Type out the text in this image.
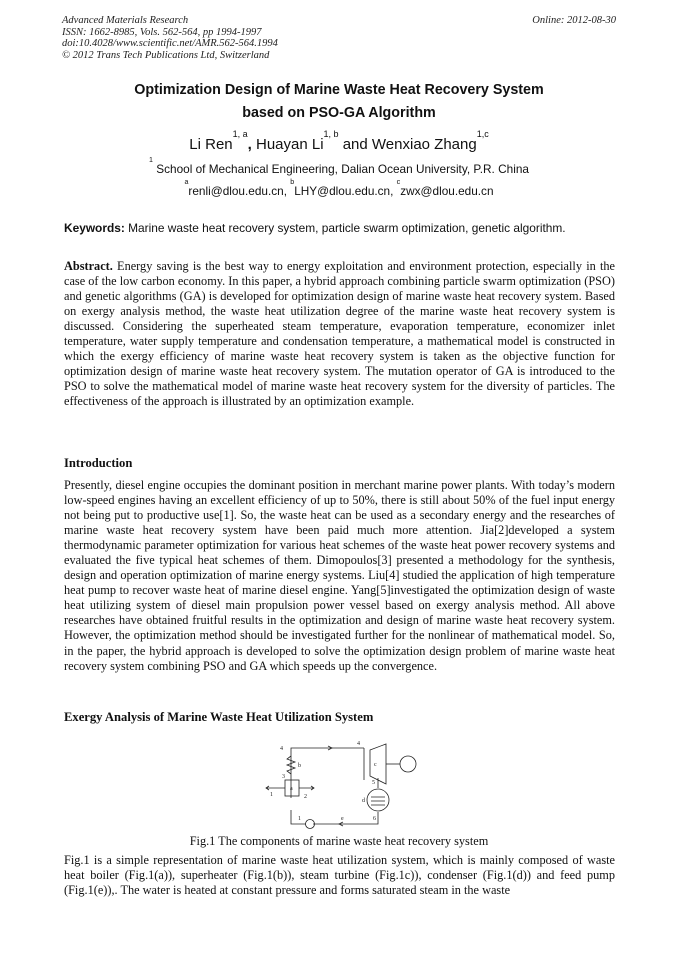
Advanced Materials Research
ISSN: 1662-8985, Vols. 562-564, pp 1994-1997
doi:10.4028/www.scientific.net/AMR.562-564.1994
© 2012 Trans Tech Publications Ltd, Switzerland
Online: 2012-08-30
Optimization Design of Marine Waste Heat Recovery System
based on PSO-GA Algorithm
Li Ren$^{1, a}$, Huayan Li$^{1, b}$ and Wenxiao Zhang$^{1,c}$
$^1$ School of Mechanical Engineering, Dalian Ocean University, P.R. China
$^a$renli@dlou.edu.cn, $^b$LHY@dlou.edu.cn, $^c$zwx@dlou.edu.cn
Keywords: Marine waste heat recovery system, particle swarm optimization, genetic algorithm.
Abstract. Energy saving is the best way to energy exploitation and environment protection, especially in the case of the low carbon economy. In this paper, a hybrid approach combining particle swarm optimization (PSO) and genetic algorithms (GA) is developed for optimization design of marine waste heat recovery system. Based on exergy analysis method, the waste heat utilization degree of the marine waste heat recovery system is discussed. Considering the superheated steam temperature, evaporation temperature, economizer inlet temperature, water supply temperature and condensation temperature, a mathematical model is constructed in which the exergy efficiency of marine waste heat recovery system is taken as the objective function for optimization design of marine waste heat recovery system. The mutation operator of GA is introduced to the PSO to solve the mathematical model of marine waste heat recovery system for the diversity of particles. The effectiveness of the approach is illustrated by an optimization example.
Introduction
Presently, diesel engine occupies the dominant position in merchant marine power plants. With today’s modern low-speed engines having an excellent efficiency of up to 50%, there is still about 50% of the fuel input energy not being put to productive use[1]. So, the waste heat can be used as a secondary energy and the researches of marine waste heat recovery system have been paid much more attention. Jia[2]developed a system thermodynamic parameter optimization for various heat schemes of the waste heat power recovery systems and evaluated the five typical heat schemes of them. Dimopoulos[3] presented a methodology for the synthesis, design and operation optimization of marine energy systems. Liu[4] studied the application of high temperature heat pump to recover waste heat of marine diesel engine. Yang[5]investigated the optimization design of waste heat utilizing system of diesel main propulsion power vessel based on exergy analysis method. All above researches have obtained fruitful results in the optimization and design of marine waste heat recovery system. However, the optimization method should be investigated further for the nonlinear of mathematical model. So, in the paper, the hybrid approach is developed to solve the optimization design problem of marine waste heat recovery system combining PSO and GA which speeds up the convergence.
Exergy Analysis of Marine Waste Heat Utilization System
4
4
3
2
1
5
6
1
a
b	c
d
e
Fig.1 The components of marine waste heat recovery system
Fig.1 is a simple representation of marine waste heat utilization system, which is mainly composed of waste heat boiler (Fig.1(a)), superheater (Fig.1(b)), steam turbine (Fig.1c)), condenser (Fig.1(d)) and feed pump (Fig.1(e)),. The water is heated at constant pressure and forms saturated steam in the waste
